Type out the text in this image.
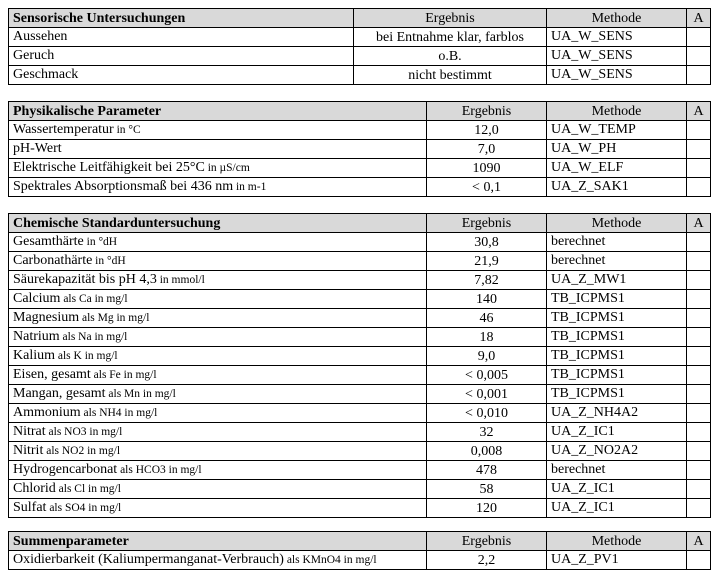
Sensorische Untersuchungen	Ergebnis	Methode	A
Aussehen	bei Entnahme klar, farblos	UA_W_SENS	
Geruch	o.B.	UA_W_SENS	
Geschmack	nicht bestimmt	UA_W_SENS	
Physikalische Parameter	Ergebnis	Methode	A
Wassertemperatur in °C	12,0	UA_W_TEMP	
pH-Wert	7,0	UA_W_PH	
Elektrische Leitfähigkeit bei 25°C in µS/cm	1090	UA_W_ELF	
Spektrales Absorptionsmaß bei 436 nm in m-1	< 0,1	UA_Z_SAK1	
Chemische Standarduntersuchung	Ergebnis	Methode	A
Gesamthärte in °dH	30,8	berechnet	
Carbonathärte in °dH	21,9	berechnet	
Säurekapazität bis pH 4,3 in mmol/l	7,82	UA_Z_MW1	
Calcium als Ca in mg/l	140	TB_ICPMS1	
Magnesium als Mg in mg/l	46	TB_ICPMS1	
Natrium als Na in mg/l	18	TB_ICPMS1	
Kalium als K in mg/l	9,0	TB_ICPMS1	
Eisen, gesamt als Fe in mg/l	< 0,005	TB_ICPMS1	
Mangan, gesamt als Mn in mg/l	< 0,001	TB_ICPMS1	
Ammonium als NH4 in mg/l	< 0,010	UA_Z_NH4A2	
Nitrat als NO3 in mg/l	32	UA_Z_IC1	
Nitrit als NO2 in mg/l	0,008	UA_Z_NO2A2	
Hydrogencarbonat als HCO3 in mg/l	478	berechnet	
Chlorid als Cl in mg/l	58	UA_Z_IC1	
Sulfat als SO4 in mg/l	120	UA_Z_IC1	
Summenparameter	Ergebnis	Methode	A
Oxidierbarkeit (Kaliumpermanganat-Verbrauch) als KMnO4 in mg/l	2,2	UA_Z_PV1	
